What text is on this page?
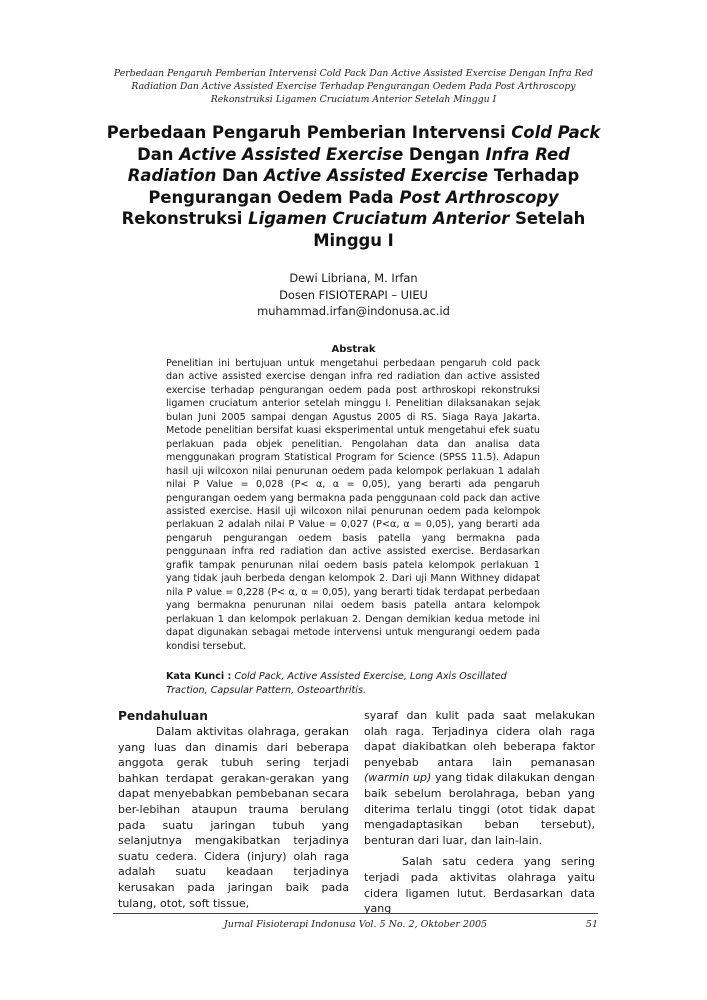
Perbedaan Pengaruh Pemberian Intervensi Cold Pack Dan Active Assisted Exercise Dengan Infra Red Radiation Dan Active Assisted Exercise Terhadap Pengurangan Oedem Pada Post Arthroscopy Rekonstruksi Ligamen Cruciatum Anterior Setelah Minggu I
Perbedaan Pengaruh Pemberian Intervensi Cold Pack Dan Active Assisted Exercise Dengan Infra Red Radiation Dan Active Assisted Exercise Terhadap Pengurangan Oedem Pada Post Arthroscopy Rekonstruksi Ligamen Cruciatum Anterior Setelah Minggu I
Dewi Libriana, M. Irfan
Dosen FISIOTERAPI – UIEU
muhammad.irfan@indonusa.ac.id
Abstrak
Penelitian ini bertujuan untuk mengetahui perbedaan pengaruh cold pack dan active assisted exercise dengan infra red radiation dan active assisted exercise terhadap pengurangan oedem pada post arthroskopi rekonstruksi ligamen cruciatum anterior setelah minggu I. Penelitian dilaksanakan sejak bulan Juni 2005 sampai dengan Agustus 2005 di RS. Siaga Raya Jakarta. Metode penelitian bersifat kuasi eksperimental untuk mengetahui efek suatu perlakuan pada objek penelitian. Pengolahan data dan analisa data menggunakan program Statistical Program for Science (SPSS 11.5). Adapun hasil uji wilcoxon nilai penurunan oedem pada kelompok perlakuan 1 adalah nilai P Value = 0,028 (P< α, α = 0,05), yang berarti ada pengaruh pengurangan oedem yang bermakna pada penggunaan cold pack dan active assisted exercise. Hasil uji wilcoxon nilai penurunan oedem pada kelompok perlakuan 2 adalah nilai P Value = 0,027 (P<α, α = 0,05), yang berarti ada pengaruh pengurangan oedem basis patella yang bermakna pada penggunaan infra red radiation dan active assisted exercise. Berdasarkan grafik tampak penurunan nilai oedem basis patela kelompok perlakuan 1 yang tidak jauh berbeda dengan kelompok 2. Dari uji Mann Withney didapat nila P value = 0,228 (P< α, α = 0,05), yang berarti tidak terdapat perbedaan yang bermakna penurunan nilai oedem basis patella antara kelompok perlakuan 1 dan kelompok perlakuan 2. Dengan demikian kedua metode ini dapat digunakan sebagai metode intervensi untuk mengurangi oedem pada kondisi tersebut.
Kata Kunci : Cold Pack, Active Assisted Exercise, Long Axis Oscillated Traction, Capsular Pattern, Osteoarthritis.
Pendahuluan

Dalam aktivitas olahraga, gerakan yang luas dan dinamis dari beberapa anggota gerak tubuh sering terjadi bahkan terdapat gerakan-gerakan yang dapat menyebabkan pembebanan secara ber-lebihan ataupun trauma berulang pada suatu jaringan tubuh yang selanjutnya mengakibatkan terjadinya suatu cedera. Cidera (injury) olah raga adalah suatu keadaan terjadinya kerusakan pada jaringan baik pada tulang, otot, soft tissue,

syaraf dan kulit pada saat melakukan olah raga. Terjadinya cidera olah raga dapat diakibatkan oleh beberapa faktor penyebab antara lain pemanasan (warmin up) yang tidak dilakukan dengan baik sebelum berolahraga, beban yang diterima terlalu tinggi (otot tidak dapat mengadaptasikan beban tersebut), benturan dari luar, dan lain-lain.

Salah satu cedera yang sering terjadi pada aktivitas olahraga yaitu cidera ligamen lutut. Berdasarkan data yang

Jurnal Fisioterapi Indonusa Vol. 5 No. 2, Oktober 2005	51
